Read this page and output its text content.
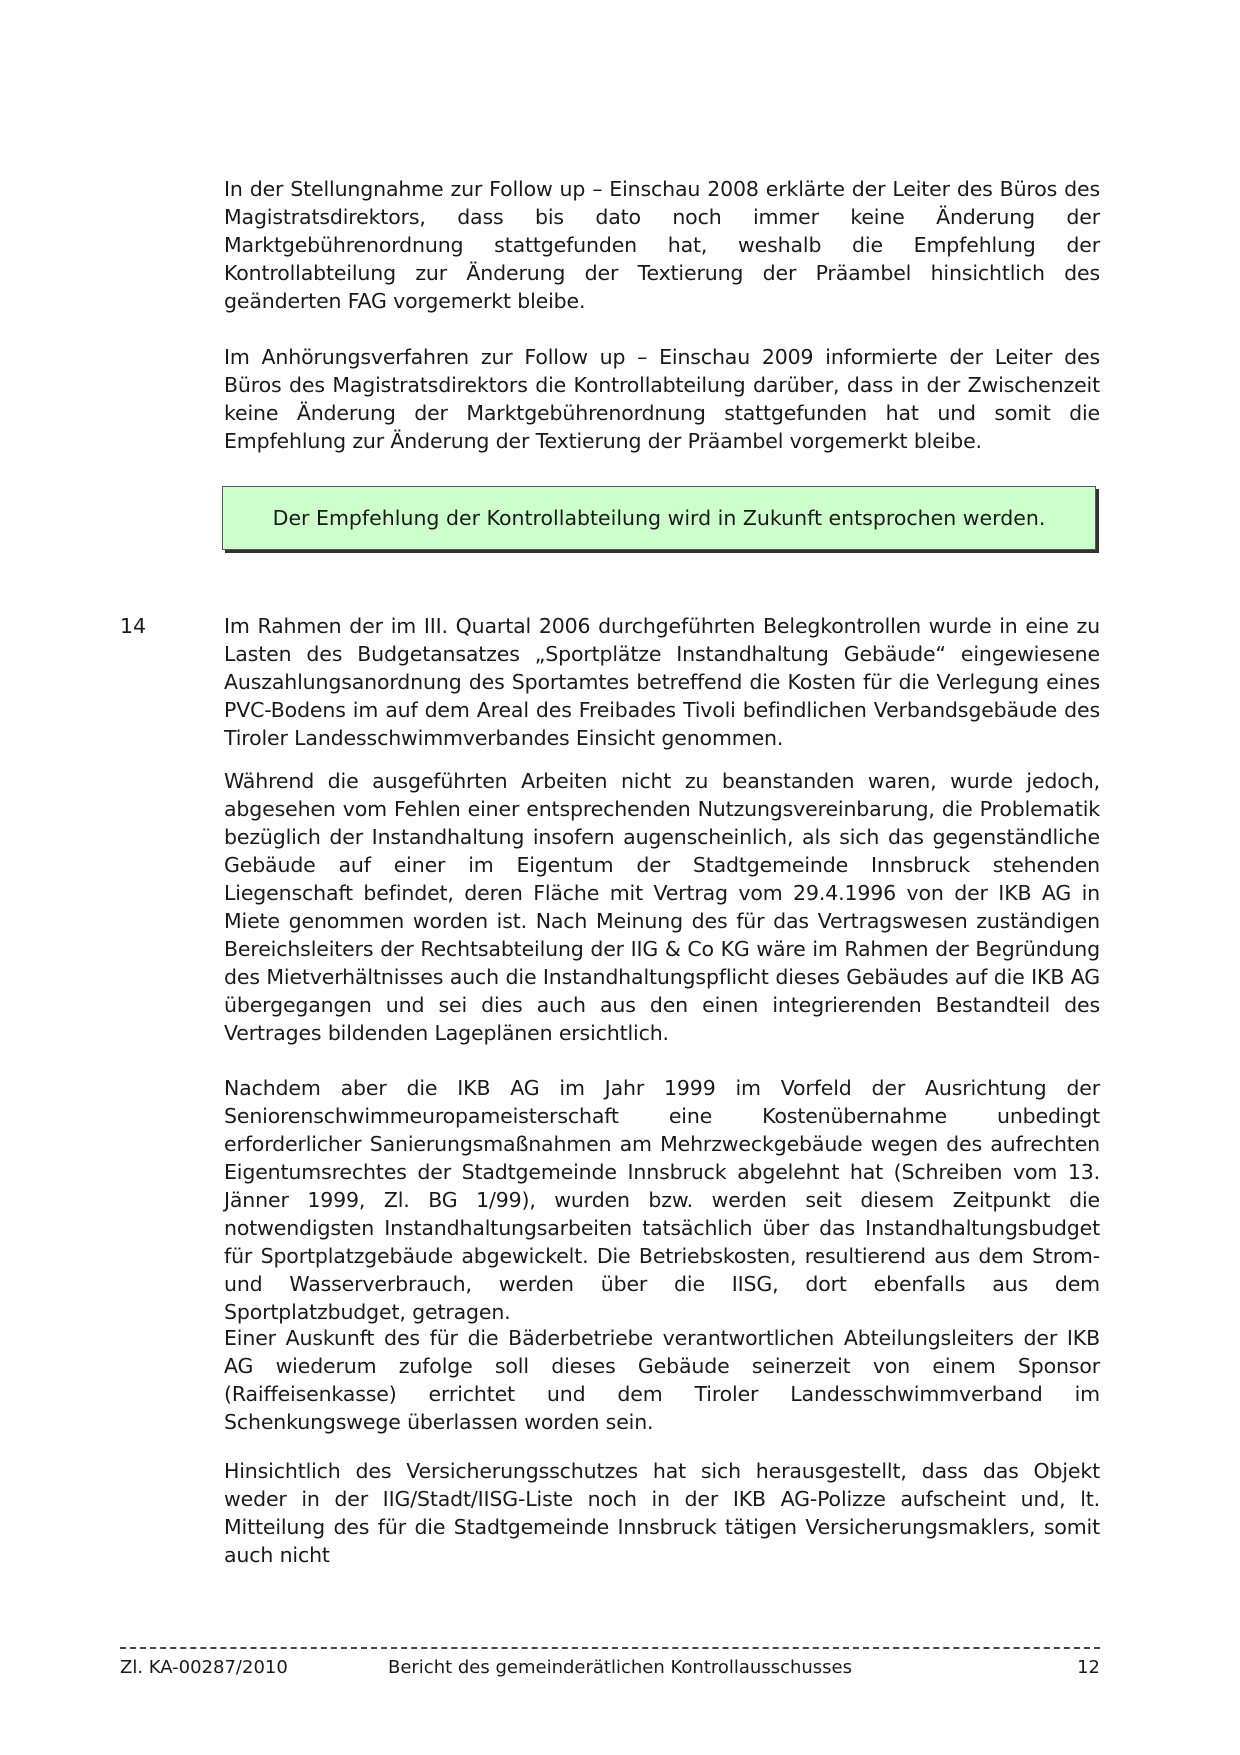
In der Stellungnahme zur Follow up – Einschau 2008 erklärte der Leiter des Büros des Magistratsdirektors, dass bis dato noch immer keine Änderung der Marktgebührenordnung stattgefunden hat, weshalb die Empfehlung der Kontrollabteilung zur Änderung der Textierung der Präambel hinsichtlich des geänderten FAG vorgemerkt bleibe.

Im Anhörungsverfahren zur Follow up – Einschau 2009 informierte der Leiter des Büros des Magistratsdirektors die Kontrollabteilung darüber, dass in der Zwischenzeit keine Änderung der Marktgebührenordnung stattgefunden hat und somit die Empfehlung zur Änderung der Textierung der Präambel vorgemerkt bleibe.

Der Empfehlung der Kontrollabteilung wird in Zukunft entsprochen werden.
14	Im Rahmen der im III. Quartal 2006 durchgeführten Belegkontrollen wurde in eine zu Lasten des Budgetansatzes „Sportplätze Instandhaltung Gebäude“ eingewiesene Auszahlungsanordnung des Sportamtes betreffend die Kosten für die Verlegung eines PVC-Bodens im auf dem Areal des Freibades Tivoli befindlichen Verbandsgebäude des Tiroler Landesschwimmverbandes Einsicht genommen.

Während die ausgeführten Arbeiten nicht zu beanstanden waren, wurde jedoch, abgesehen vom Fehlen einer entsprechenden Nutzungsvereinbarung, die Problematik bezüglich der Instandhaltung insofern augenscheinlich, als sich das gegenständliche Gebäude auf einer im Eigentum der Stadtgemeinde Innsbruck stehenden Liegenschaft befindet, deren Fläche mit Vertrag vom 29.4.1996 von der IKB AG in Miete genommen worden ist. Nach Meinung des für das Vertragswesen zuständigen Bereichsleiters der Rechtsabteilung der IIG & Co KG wäre im Rahmen der Begründung des Mietverhältnisses auch die Instandhaltungspflicht dieses Gebäudes auf die IKB AG übergegangen und sei dies auch aus den einen integrierenden Bestandteil des Vertrages bildenden Lageplänen ersichtlich.

Nachdem aber die IKB AG im Jahr 1999 im Vorfeld der Ausrichtung der Seniorenschwimmeuropameisterschaft eine Kostenübernahme unbedingt erforderlicher Sanierungsmaßnahmen am Mehrzweckgebäude wegen des aufrechten Eigentumsrechtes der Stadtgemeinde Innsbruck abgelehnt hat (Schreiben vom 13. Jänner 1999, Zl. BG 1/99), wurden bzw. werden seit diesem Zeitpunkt die notwendigsten Instandhaltungsarbeiten tatsächlich über das Instandhaltungsbudget für Sportplatzgebäude abgewickelt. Die Betriebskosten, resultierend aus dem Strom- und Wasserverbrauch, werden über die IISG, dort ebenfalls aus dem Sportplatzbudget, getragen.

Einer Auskunft des für die Bäderbetriebe verantwortlichen Abteilungsleiters der IKB AG wiederum zufolge soll dieses Gebäude seinerzeit von einem Sponsor (Raiffeisenkasse) errichtet und dem Tiroler Landesschwimmverband im Schenkungswege überlassen worden sein.

Hinsichtlich des Versicherungsschutzes hat sich herausgestellt, dass das Objekt weder in der IIG/Stadt/IISG-Liste noch in der IKB AG-Polizze aufscheint und, lt. Mitteilung des für die Stadtgemeinde Innsbruck tätigen Versicherungsmaklers, somit auch nicht

Bericht des gemeinderätlichen Kontrollausschusses
Zl. KA-00287/2010	12
